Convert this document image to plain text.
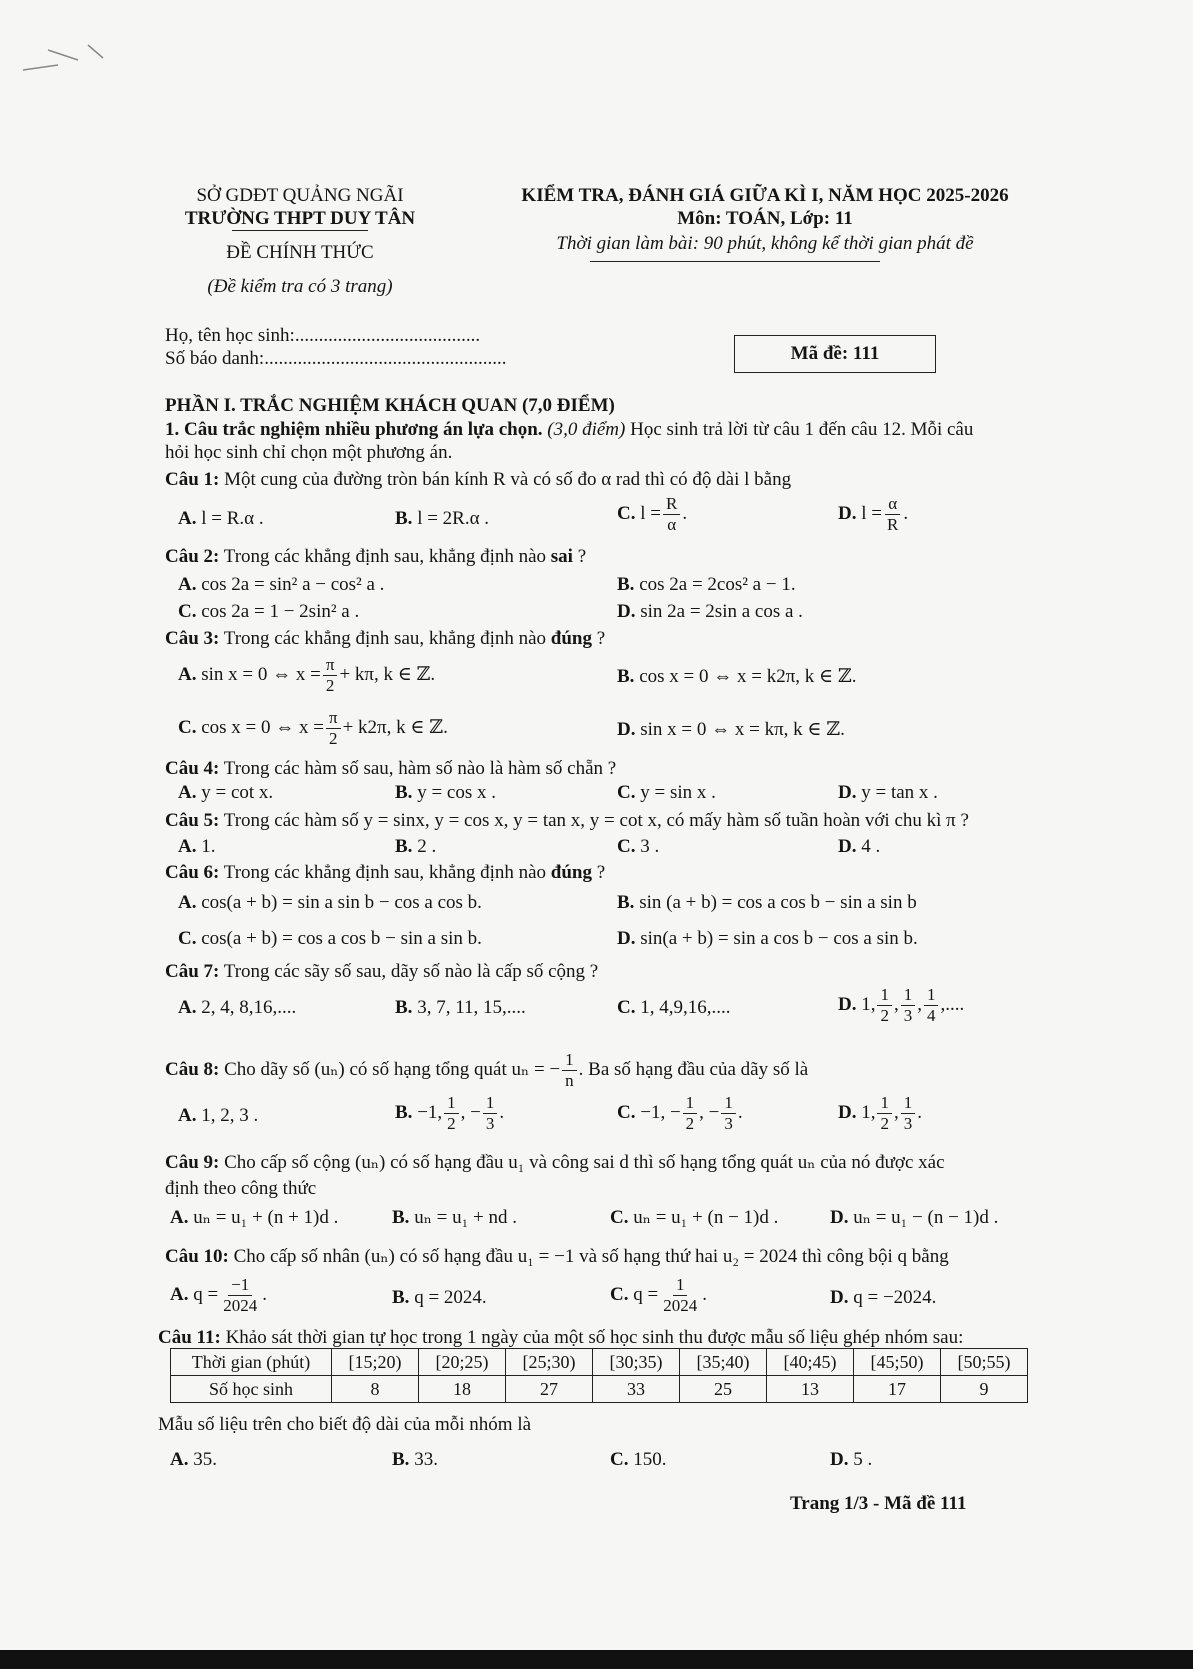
SỞ GDĐT QUẢNG NGÃI
TRƯỜNG THPT DUY TÂN
ĐỀ CHÍNH THỨC
(Đề kiểm tra có 3 trang)
KIỂM TRA, ĐÁNH GIÁ GIỮA KÌ I, NĂM HỌC 2025-2026
Môn: TOÁN, Lớp: 11
Thời gian làm bài: 90 phút, không kể thời gian phát đề
Họ, tên học sinh:.......................................
Số báo danh:...................................................	Mã đề: 111
PHẦN I. TRẮC NGHIỆM KHÁCH QUAN (7,0 ĐIỂM)
1. Câu trắc nghiệm nhiều phương án lựa chọn. (3,0 điểm) Học sinh trả lời từ câu 1 đến câu 12. Mỗi câu
hỏi học sinh chỉ chọn một phương án.
Câu 1: Một cung của đường tròn bán kính R và có số đo α rad thì có độ dài l bằng
A. l = R.α .	B. l = 2R.α .	C. $l = \frac{R}{\alpha}$ .	D. $l = \frac{\alpha}{R}$ .
Câu 2: Trong các khẳng định sau, khẳng định nào sai ?
A. cos 2a = sin² a − cos² a .	B. cos 2a = 2cos² a − 1.
C. cos 2a = 1 − 2sin² a .	D. sin 2a = 2sin a cos a .
Câu 3: Trong các khẳng định sau, khẳng định nào đúng ?
A. sin x = 0 ⇔ $x = \frac{\pi}{2} + k\pi$, k ∈ ℤ.	B. cos x = 0 ⇔ x = k2π, k ∈ ℤ.
C. cos x = 0 ⇔ $x = \frac{\pi}{2} + k2\pi$, k ∈ ℤ.	D. sin x = 0 ⇔ x = kπ, k ∈ ℤ.
Câu 4: Trong các hàm số sau, hàm số nào là hàm số chẵn ?
A. y = cot x.	B. y = cos x .	C. y = sin x .	D. y = tan x .
Câu 5: Trong các hàm số y = sinx, y = cos x, y = tan x, y = cot x, có mấy hàm số tuần hoàn với chu kì π ?
A. 1.	B. 2 .	C. 3 .	D. 4 .
Câu 6: Trong các khẳng định sau, khẳng định nào đúng ?
A. cos(a + b) = sin a sin b − cos a cos b.	B. sin (a + b) = cos a cos b − sin a sin b
C. cos(a + b) = cos a cos b − sin a sin b.	D. sin(a + b) = sin a cos b − cos a sin b.
Câu 7: Trong các sãy số sau, dãy số nào là cấp số cộng ?
A. 2, 4, 8,16,....	B. 3, 7, 11, 15,....	C. 1, 4,9,16,....	D. 1, $\frac{1}{2}$ , $\frac{1}{3}$ , $\frac{1}{4}$ ,....
Câu 8: Cho dãy số (uₙ) có số hạng tổng quát uₙ = − $\frac{1}{n}$ . Ba số hạng đầu của dãy số là
A. 1, 2, 3 .	B. −1, $\frac{1}{2}$ , − $\frac{1}{3}$ .	C. −1, − $\frac{1}{2}$ , − $\frac{1}{3}$ .	D. 1, $\frac{1}{2}$ , $\frac{1}{3}$ .
Câu 9: Cho cấp số cộng (uₙ) có số hạng đầu u₁ và công sai d thì số hạng tổng quát uₙ của nó được xác
định theo công thức
A. uₙ = u₁ + (n + 1)d .	B. uₙ = u₁ + nd .	C. uₙ = u₁ + (n − 1)d .	D. uₙ = u₁ − (n − 1)d .
Câu 10: Cho cấp số nhân (uₙ) có số hạng đầu u₁ = −1 và số hạng thứ hai u₂ = 2024 thì công bội q bằng
A. $q = \frac{-1}{2024}$ .	B. q = 2024.	C. $q = \frac{1}{2024}$ .	D. q = −2024.
Câu 11: Khảo sát thời gian tự học trong 1 ngày của một số học sinh thu được mẫu số liệu ghép nhóm sau:
Thời gian (phút)	[15;20)	[20;25)	[25;30)	[30;35)	[35;40)	[40;45)	[45;50)	[50;55)
Số học sinh	8	18	27	33	25	13	17	9
Mẫu số liệu trên cho biết độ dài của mỗi nhóm là
A. 35.	B. 33.	C. 150.	D. 5 .
Trang 1/3 - Mã đề 111
